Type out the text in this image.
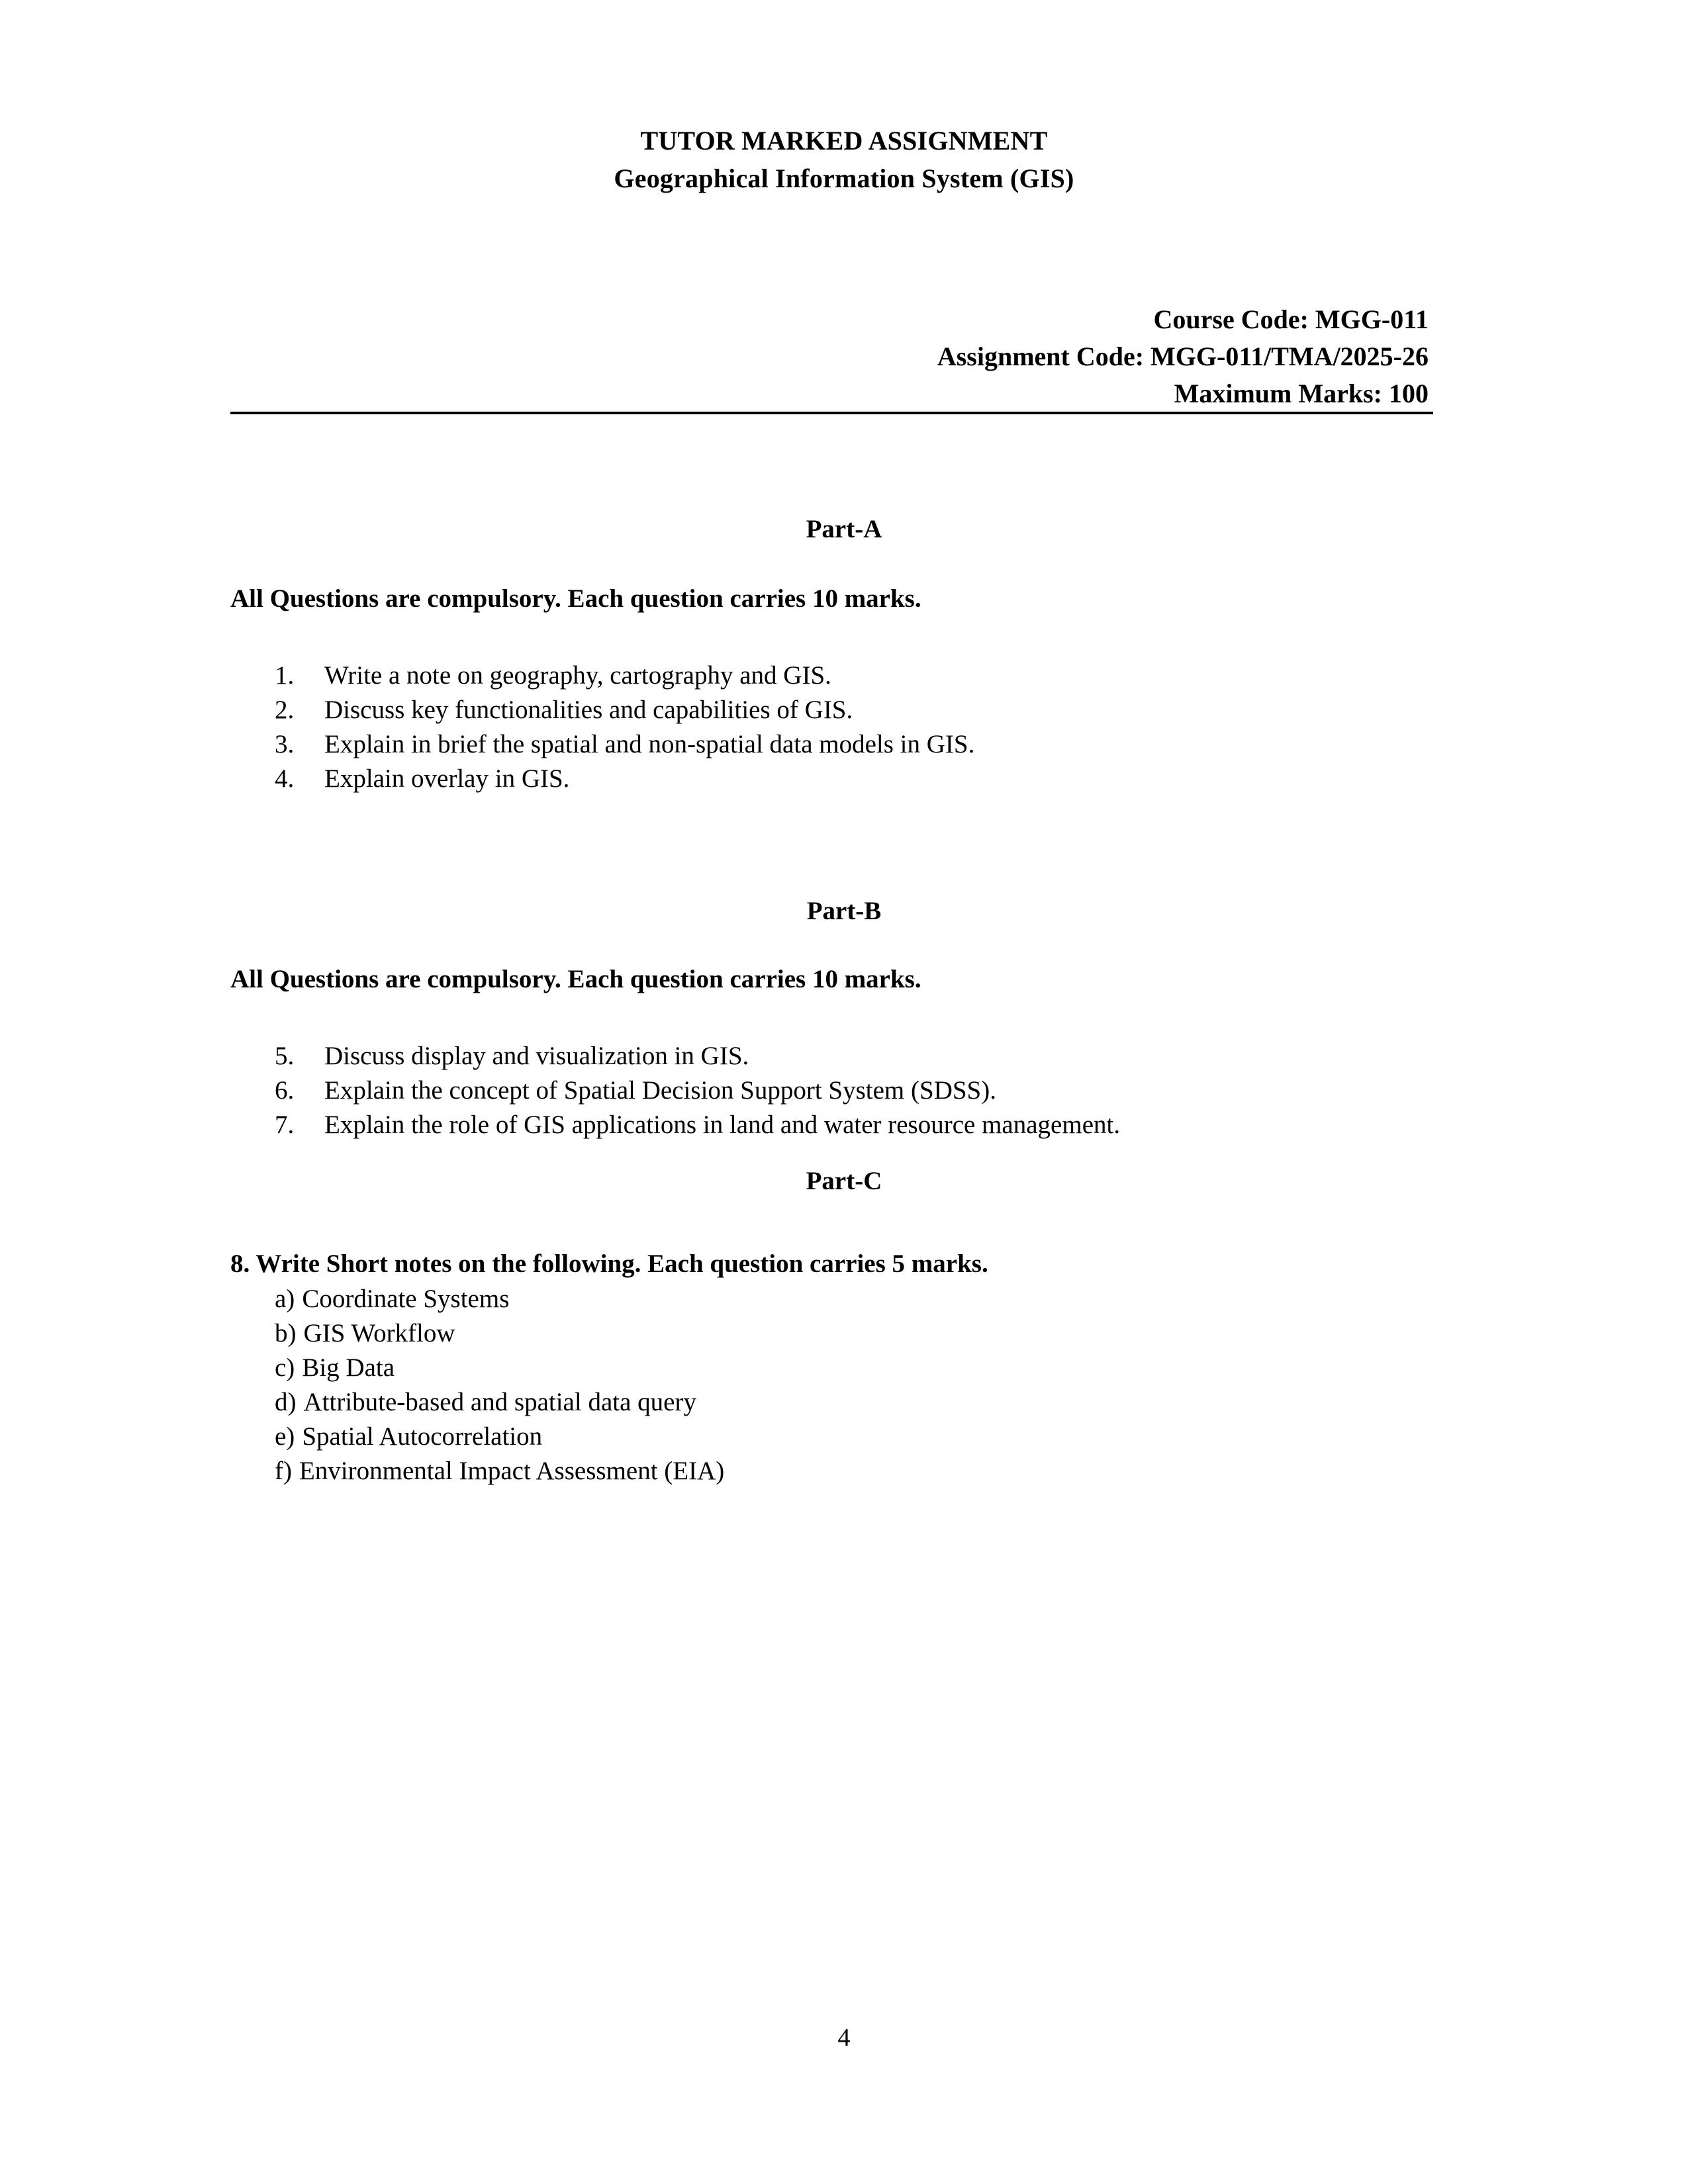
TUTOR MARKED ASSIGNMENT
Geographical Information System (GIS)
Course Code: MGG-011
Assignment Code: MGG-011/TMA/2025-26
Maximum Marks: 100
Part-A
All Questions are compulsory. Each question carries 10 marks.
1.	Write a note on geography, cartography and GIS.
2.	Discuss key functionalities and capabilities of GIS.
3.	Explain in brief the spatial and non-spatial data models in GIS.
4.	Explain overlay in GIS.
Part-B
All Questions are compulsory. Each question carries 10 marks.
5.	Discuss display and visualization in GIS.
6.	Explain the concept of Spatial Decision Support System (SDSS).
7.	Explain the role of GIS applications in land and water resource management.
Part-C
8. Write Short notes on the following. Each question carries 5 marks.
a) Coordinate Systems
b) GIS Workflow
c) Big Data
d) Attribute-based and spatial data query
e) Spatial Autocorrelation
f) Environmental Impact Assessment (EIA)
4
